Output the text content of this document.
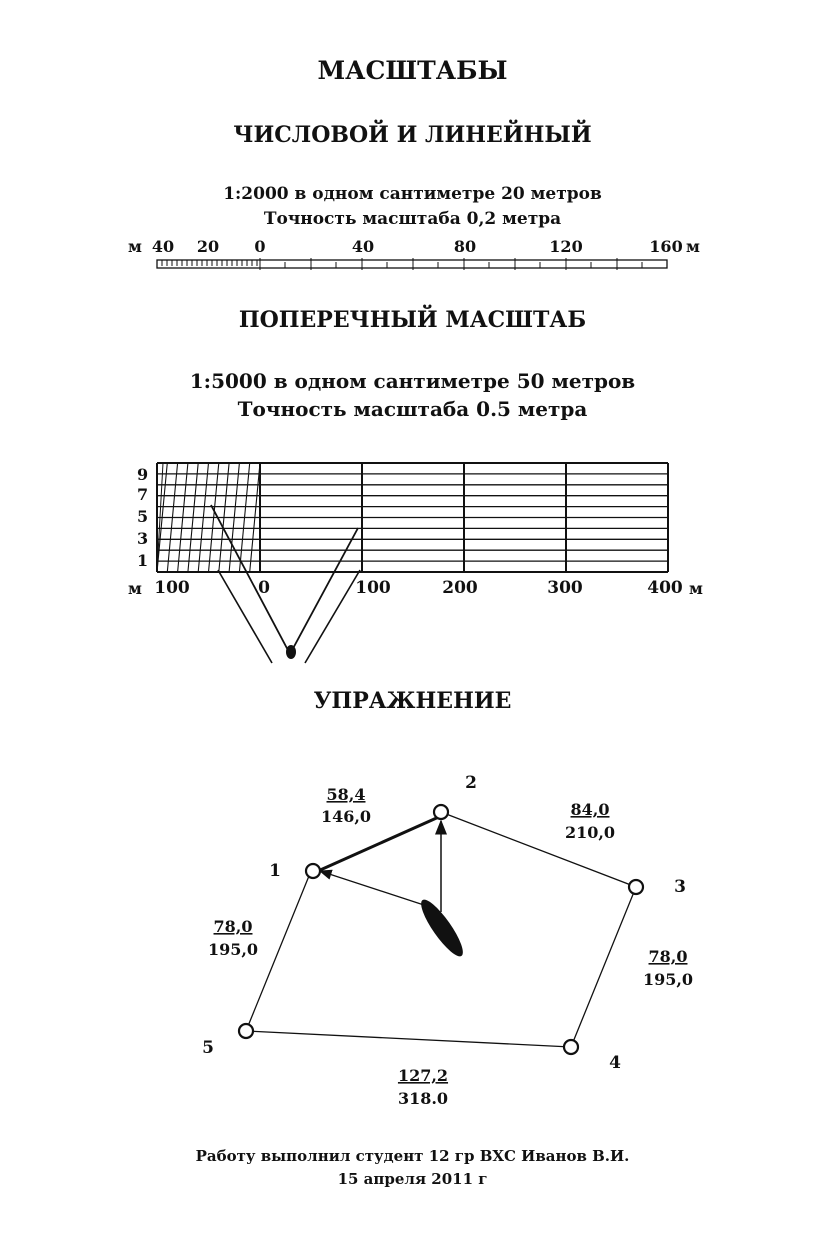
МАСШТАБЫ
ЧИСЛОВОЙ И ЛИНЕЙНЫЙ
1:2000 в одном сантиметре 20 метров
Точность масштаба 0,2 метра
м 40 20 0	40	80	120	160 м
ПОПЕРЕЧНЫЙ МАСШТАБ
1:5000 в одном сантиметре 50 метров
Точность масштаба 0.5 метра
9
7
5
3
1
м 100	0	100	200	300	400 м
УПРАЖНЕНИЕ
1
2
3
4
5
58,4
146,0	84,0
210,0
78,0
195,0
127,2
318.0
78,0
195,0
Работу выполнил студент 12 гр ВХС Иванов В.И.
15 апреля 2011 г
